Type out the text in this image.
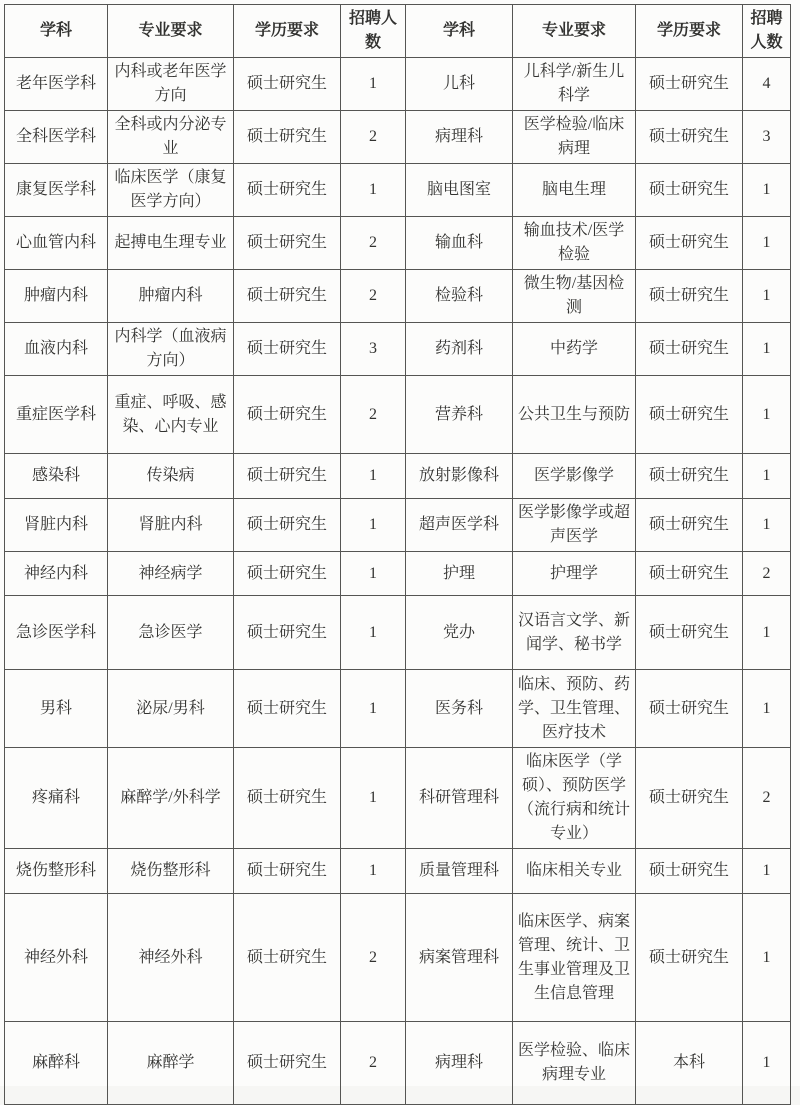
学科	专业要求	学历要求	招聘人数	学科	专业要求	学历要求	招聘人数
老年医学科	内科或老年医学方向	硕士研究生	1	儿科	儿科学/新生儿科学	硕士研究生	4
全科医学科	全科或内分泌专业	硕士研究生	2	病理科	医学检验/临床病理	硕士研究生	3
康复医学科	临床医学（康复医学方向）	硕士研究生	1	脑电图室	脑电生理	硕士研究生	1
心血管内科	起搏电生理专业	硕士研究生	2	输血科	输血技术/医学检验	硕士研究生	1
肿瘤内科	肿瘤内科	硕士研究生	2	检验科	微生物/基因检测	硕士研究生	1
血液内科	内科学（血液病方向）	硕士研究生	3	药剂科	中药学	硕士研究生	1
重症医学科	重症、呼吸、感染、心内专业	硕士研究生	2	营养科	公共卫生与预防	硕士研究生	1
感染科	传染病	硕士研究生	1	放射影像科	医学影像学	硕士研究生	1
肾脏内科	肾脏内科	硕士研究生	1	超声医学科	医学影像学或超声医学	硕士研究生	1
神经内科	神经病学	硕士研究生	1	护理	护理学	硕士研究生	2
急诊医学科	急诊医学	硕士研究生	1	党办	汉语言文学、新闻学、秘书学	硕士研究生	1
男科	泌尿/男科	硕士研究生	1	医务科	临床、预防、药学、卫生管理、医疗技术	硕士研究生	1
疼痛科	麻醉学/外科学	硕士研究生	1	科研管理科	临床医学（学硕）、预防医学（流行病和统计专业）	硕士研究生	2
烧伤整形科	烧伤整形科	硕士研究生	1	质量管理科	临床相关专业	硕士研究生	1
神经外科	神经外科	硕士研究生	2	病案管理科	临床医学、病案管理、统计、卫生事业管理及卫生信息管理	硕士研究生	1
麻醉科	麻醉学	硕士研究生	2	病理科	医学检验、临床病理专业	本科	1
